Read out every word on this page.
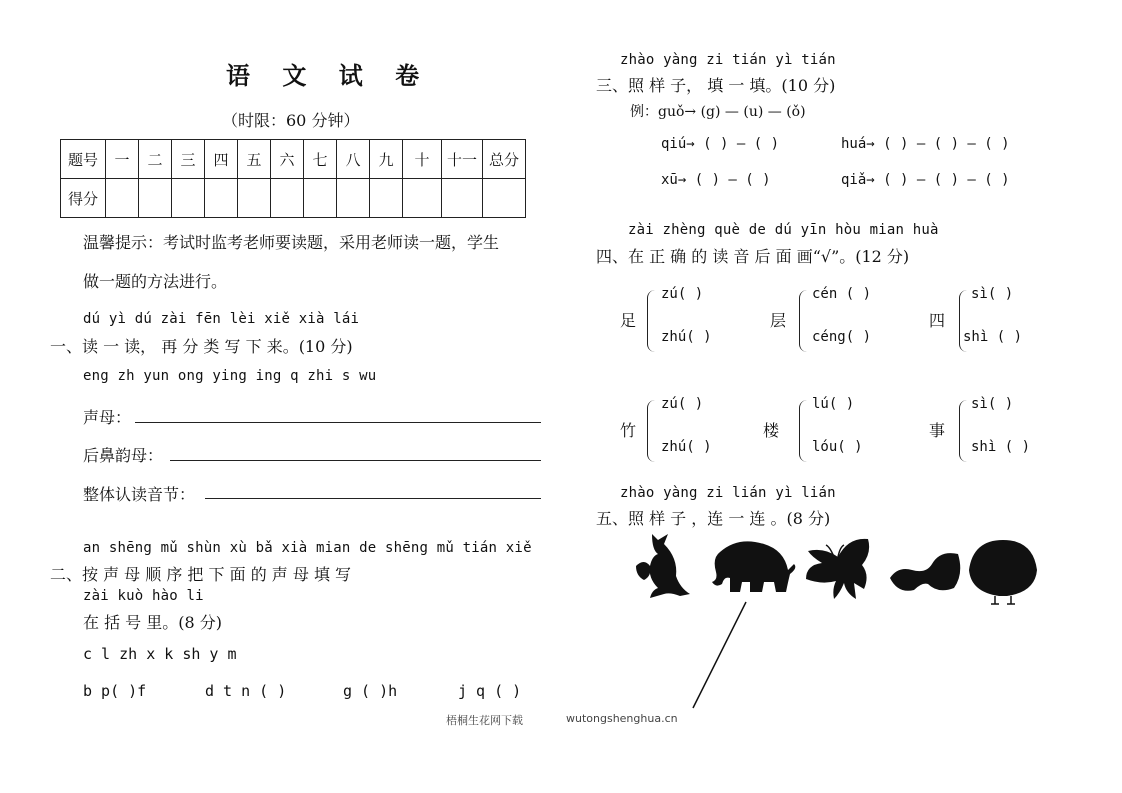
语 文 试 卷
（时限：60 分钟）
题号	一	二	三	四	五	六	七	八	九	十	十一	总分
得分												
温馨提示：考试时监考老师要读题，采用老师读一题，学生
做一题的方法进行。
dú yì dú zài fēn lèi xiě xià lái
一、读 一 读， 再 分 类 写 下 来。(10 分)
eng zh yun ong ying ing q zhi s wu
声母：
后鼻韵母：
整体认读音节：
an shēng mǔ shùn xù bǎ xià mian de shēng mǔ tián xiě
二、按 声 母 顺 序 把 下 面 的 声 母 填 写
zài kuò hào li
在 括 号 里。(8 分)
c l zh x k sh y m
b p( )f	d t n ( )	g ( )h	j q ( )
zhào yàng zi tián yì tián
三、照 样 子， 填 一 填。(10 分)
例：guǒ→ (g) — (u) — (ǒ)
qiú→ ( ) — ( )	huá→ ( ) — ( ) — ( )
xū→ ( ) — ( )	qiǎ→ ( ) — ( ) — ( )
zài zhèng què de dú yīn hòu mian huà
四、在 正 确 的 读 音 后 面 画“√”。(12 分)
足
zú( )
zhú( )
层
cén ( )
céng( )
四
sì( )
shì ( )
竹
zú( )
zhú( )
楼
lú( )
lóu( )
事
sì( )
shì ( )
zhào yàng zi lián yì lián
五、照 样 子 ，连 一 连 。(8 分)
梧桐生花网下载	wutongshenghua.cn
